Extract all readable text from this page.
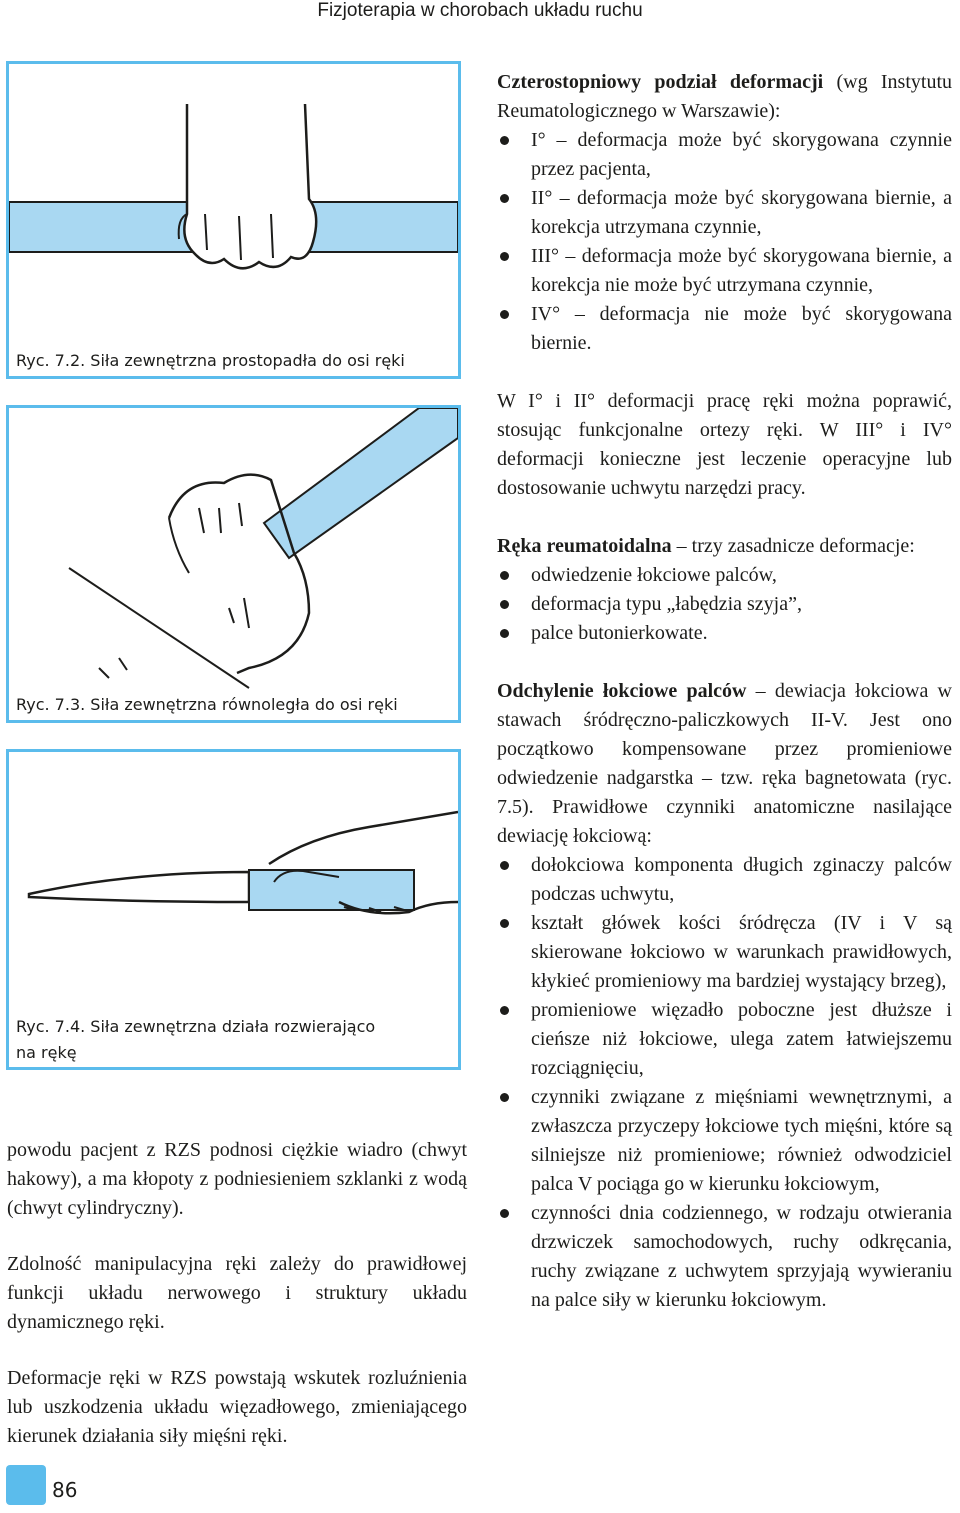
Fizjoterapia w chorobach układu ruchu
Ryc. 7.2. Siła zewnętrzna prostopadła do osi ręki
Ryc. 7.3. Siła zewnętrzna równoległa do osi ręki
Ryc. 7.4. Siła zewnętrzna działa rozwierająco
na rękę

powodu pacjent z RZS podnosi ciężkie wiadro (chwyt hakowy), a ma kłopoty z podniesieniem szklanki z wodą (chwyt cylindryczny).

Zdolność manipulacyjna ręki zależy do prawidłowej funkcji układu nerwowego i struktury układu dynamicznego ręki.

Deformacje ręki w RZS powstają wskutek rozluźnienia lub uszkodzenia układu więzadłowego, zmieniającego kierunek działania siły mięśni ręki.

Czterostopniowy podział deformacji (wg Instytutu Reumatologicznego w Warszawie):

I° – deformacja może być skorygowana czynnie przez pacjenta,
II° – deformacja może być skorygowana biernie, a korekcja utrzymana czynnie,
III° – deformacja może być skorygowana biernie, a korekcja nie może być utrzymana czynnie,
IV° – deformacja nie może być skorygowana biernie.

W I° i II° deformacji pracę ręki można poprawić, stosując funkcjonalne ortezy ręki. W III° i IV° deformacji konieczne jest leczenie operacyjne lub dostosowanie uchwytu narzędzi pracy.

Ręka reumatoidalna – trzy zasadnicze deformacje:

odwiedzenie łokciowe palców,
deformacja typu „łabędzia szyja”,
palce butonierkowate.

Odchylenie łokciowe palców – dewiacja łokciowa w stawach śródręczno-paliczkowych II-V. Jest ono początkowo kompensowane przez promieniowe odwiedzenie nadgarstka – tzw. ręka bagnetowata (ryc. 7.5). Prawidłowe czynniki anatomiczne nasilające dewiację łokciową:

dołokciowa komponenta długich zginaczy palców podczas uchwytu,
kształt główek kości śródręcza (IV i V są skierowane łokciowo w warunkach prawidłowych, kłykieć promieniowy ma bardziej wystający brzeg),
promieniowe więzadło poboczne jest dłuższe i cieńsze niż łokciowe, ulega zatem łatwiejszemu rozciągnięciu,
czynniki związane z mięśniami wewnętrznymi, a zwłaszcza przyczepy łokciowe tych mięśni, które są silniejsze niż promieniowe; również odwodziciel palca V pociąga go w kierunku łokciowym,
czynności dnia codziennego, w rodzaju otwierania drzwiczek samochodowych, ruchy odkręcania, ruchy związane z uchwytem sprzyjają wywieraniu na palce siły w kierunku łokciowym.
86
